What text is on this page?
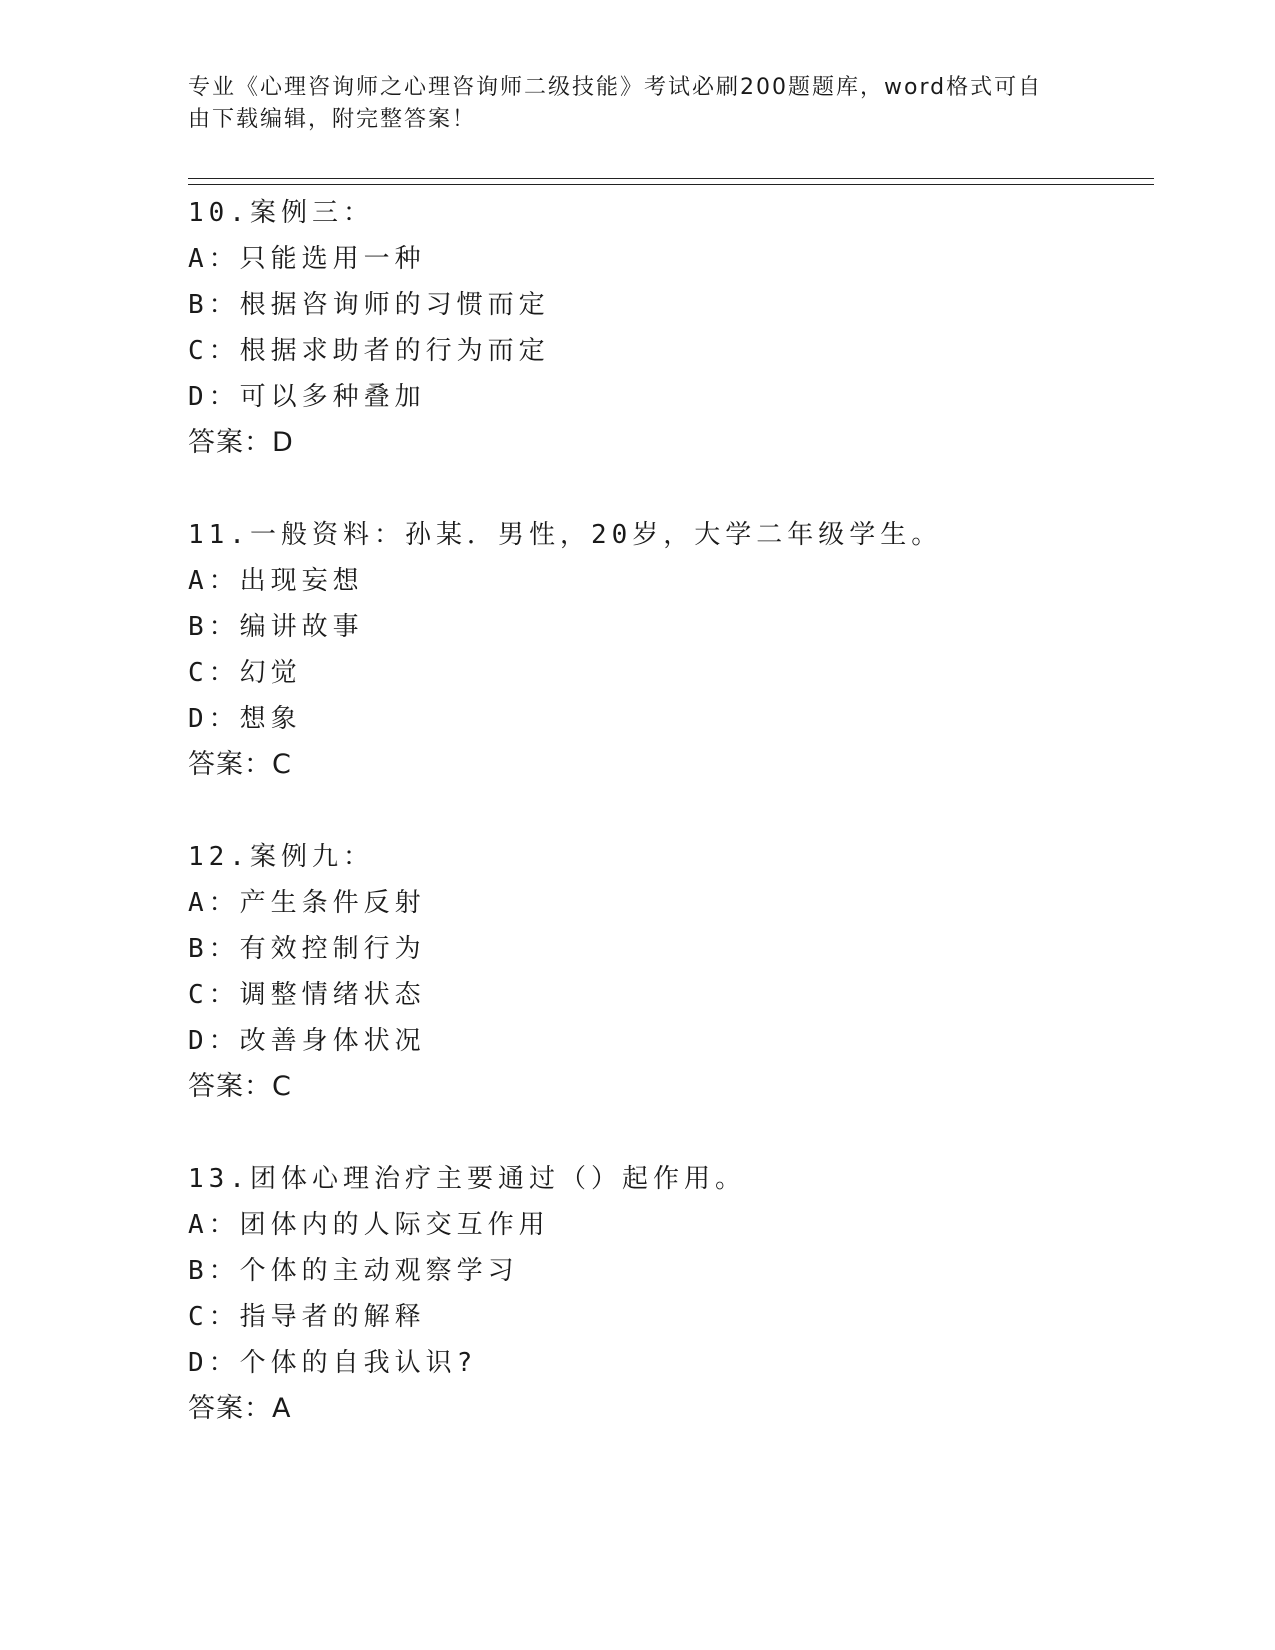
专业《心理咨询师之心理咨询师二级技能》考试必刷200题题库，word格式可自
由下载编辑，附完整答案！
10.案例三：
A：只能选用一种
B：根据咨询师的习惯而定
C：根据求助者的行为而定
D：可以多种叠加
答案：D
11.一般资料：孙某．男性，20岁，大学二年级学生。
A：出现妄想
B：编讲故事
C：幻觉
D：想象
答案：C
12.案例九：
A：产生条件反射
B：有效控制行为
C：调整情绪状态
D：改善身体状况
答案：C
13.团体心理治疗主要通过（）起作用。
A：团体内的人际交互作用
B：个体的主动观察学习
C：指导者的解释
D：个体的自我认识?
答案：A
